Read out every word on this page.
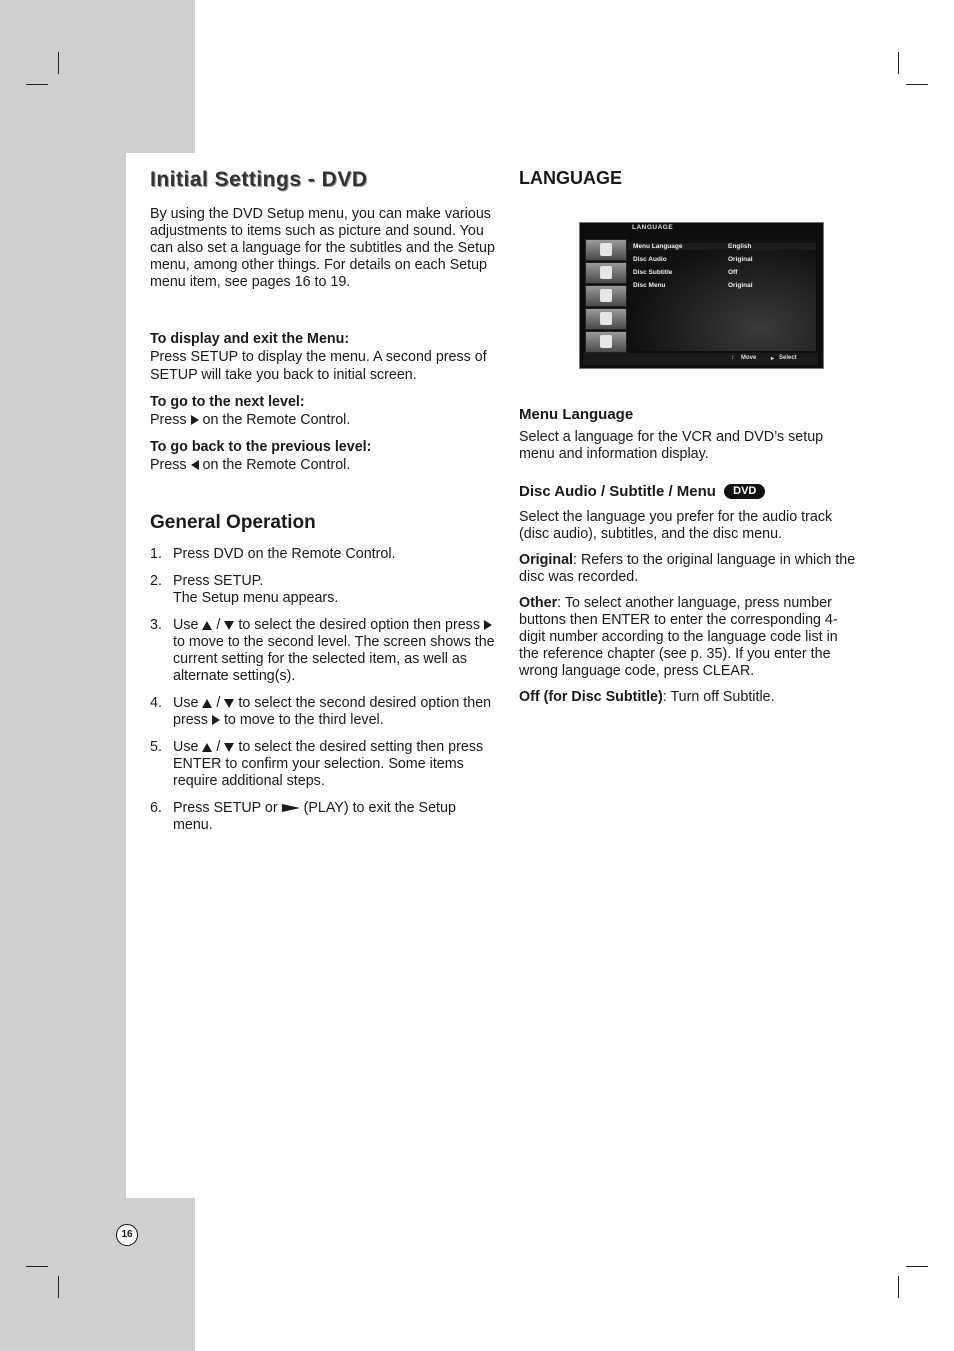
16
Initial Settings - DVD

By using the DVD Setup menu, you can make various adjustments to items such as picture and sound. You can also set a language for the subtitles and the Setup menu, among other things. For details on each Setup menu item, see pages 16 to 19.

To display and exit the Menu:
Press SETUP to display the menu. A second press of SETUP will take you back to initial screen.
To go to the next level:
Press on the Remote Control.
To go back to the previous level:
Press on the Remote Control.
General Operation
1. Press DVD on the Remote Control.
2. Press SETUP.
The Setup menu appears.
3. Use / to select the desired option then press  to move to the second level. The screen shows the current setting for the selected item, as well as alternate setting(s).
4. Use / to select the second desired option then press to move to the third level.
5. Use / to select the desired setting then press ENTER to confirm your selection. Some items require additional steps.
6. Press SETUP or (PLAY) to exit the Setup menu.
LANGUAGE
Menu Language

Select a language for the VCR and DVD’s setup menu and information display.

Disc Audio / Subtitle / Menu DVD

Select the language you prefer for the audio track (disc audio), subtitles, and the disc menu.

Original: Refers to the original language in which the disc was recorded.

Other: To select another language, press number buttons then ENTER to enter the corresponding 4-digit number according to the language code list in the reference chapter (see p. 35). If you enter the wrong language code, press CLEAR.

Off (for Disc Subtitle): Turn off Subtitle.

LANGUAGE
Menu Language	English
Disc Audio	Original
Disc Subtitle	Off
Disc Menu	Original
↕ Move ▸ Select
